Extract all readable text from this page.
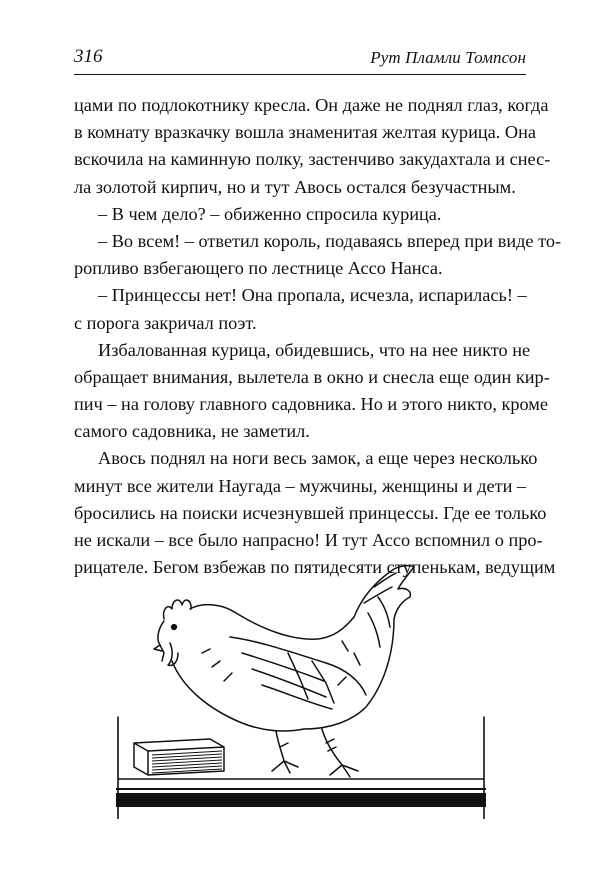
316	Рут Пламли Томпсон
цами по подлокотнику кресла. Он даже не поднял глаз, когда
в комнату вразкачку вошла знаменитая желтая курица. Она
вскочила на каминную полку, застенчиво закудахтала и снес-
ла золотой кирпич, но и тут Авось остался безучастным.
– В чем дело? – обиженно спросила курица.
– Во всем! – ответил король, подаваясь вперед при виде то-
ропливо взбегающего по лестнице Ассо Нанса.
– Принцессы нет! Она пропала, исчезла, испарилась! –
с порога закричал поэт.
Избалованная курица, обидевшись, что на нее никто не
обращает внимания, вылетела в окно и снесла еще один кир-
пич – на голову главного садовника. Но и этого никто, кроме
самого садовника, не заметил.
Авось поднял на ноги весь замок, а еще через несколько
минут все жители Наугада – мужчины, женщины и дети –
бросились на поиски исчезнувшей принцессы. Где ее только
не искали – все было напрасно! И тут Ассо вспомнил о про-
рицателе. Бегом взбежав по пятидесяти ступенькам, ведущим
